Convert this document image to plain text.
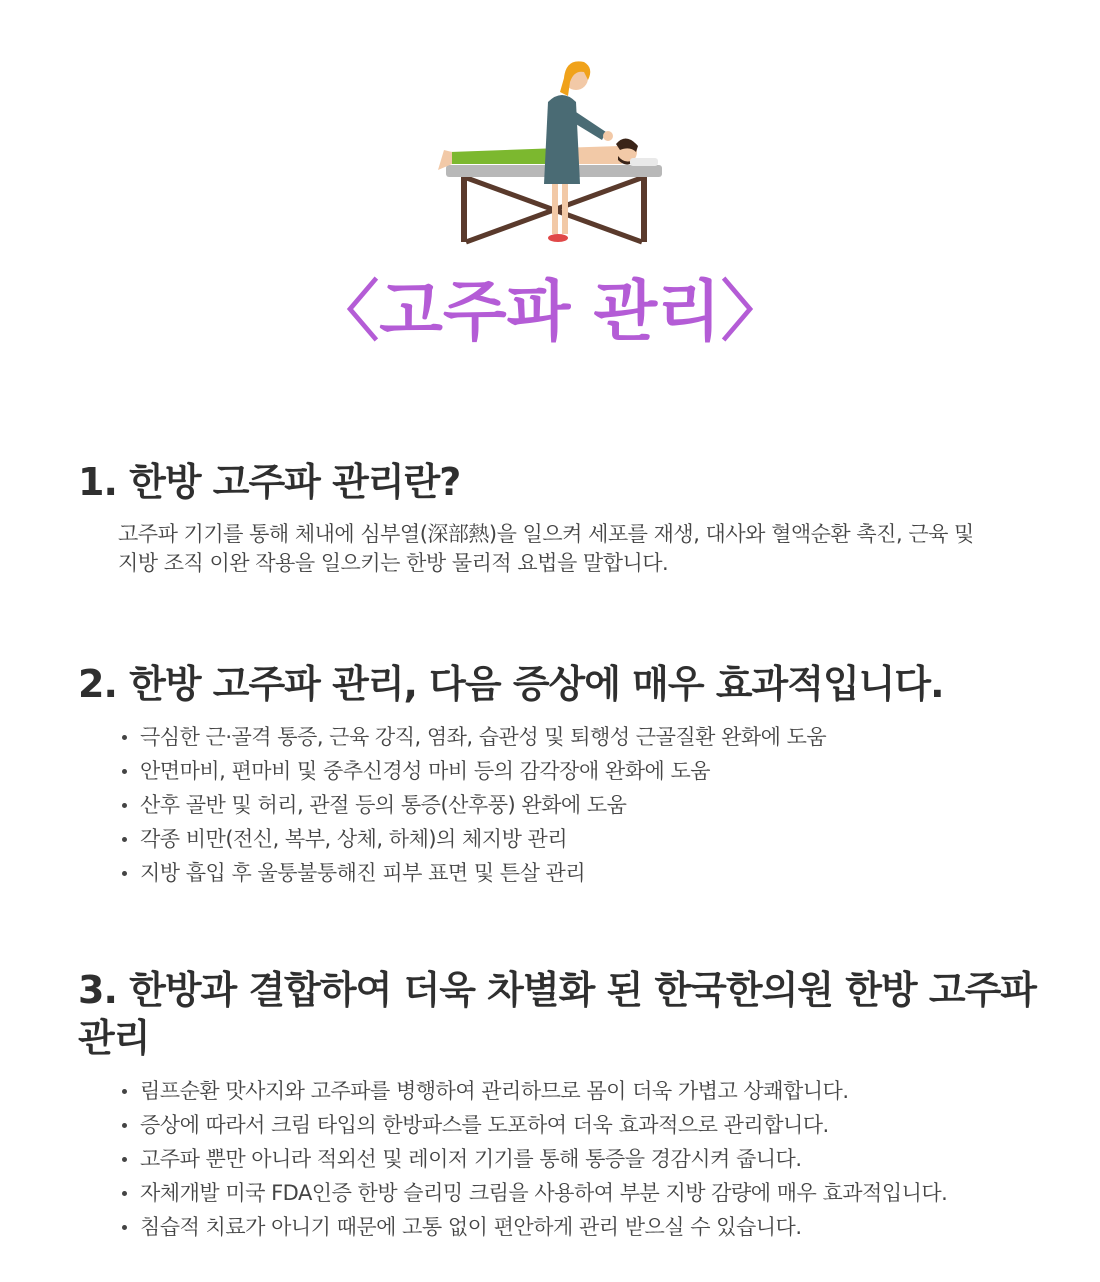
〈고주파 관리〉
1. 한방 고주파 관리란?

고주파 기기를 통해 체내에 심부열(深部熱)을 일으켜 세포를 재생, 대사와 혈액순환 촉진, 근육 및
지방 조직 이완 작용을 일으키는 한방 물리적 요법을 말합니다.

2. 한방 고주파 관리, 다음 증상에 매우 효과적입니다.
극심한 근·골격 통증, 근육 강직, 염좌, 습관성 및 퇴행성 근골질환 완화에 도움
안면마비, 편마비 및 중추신경성 마비 등의 감각장애 완화에 도움
산후 골반 및 허리, 관절 등의 통증(산후풍) 완화에 도움
각종 비만(전신, 복부, 상체, 하체)의 체지방 관리
지방 흡입 후 울퉁불퉁해진 피부 표면 및 튼살 관리
3. 한방과 결합하여 더욱 차별화 된 한국한의원 한방 고주파 관리
림프순환 맛사지와 고주파를 병행하여 관리하므로 몸이 더욱 가볍고 상쾌합니다.
증상에 따라서 크림 타입의 한방파스를 도포하여 더욱 효과적으로 관리합니다.
고주파 뿐만 아니라 적외선 및 레이저 기기를 통해 통증을 경감시켜 줍니다.
자체개발 미국 FDA인증 한방 슬리밍 크림을 사용하여 부분 지방 감량에 매우 효과적입니다.
침습적 치료가 아니기 때문에 고통 없이 편안하게 관리 받으실 수 있습니다.
